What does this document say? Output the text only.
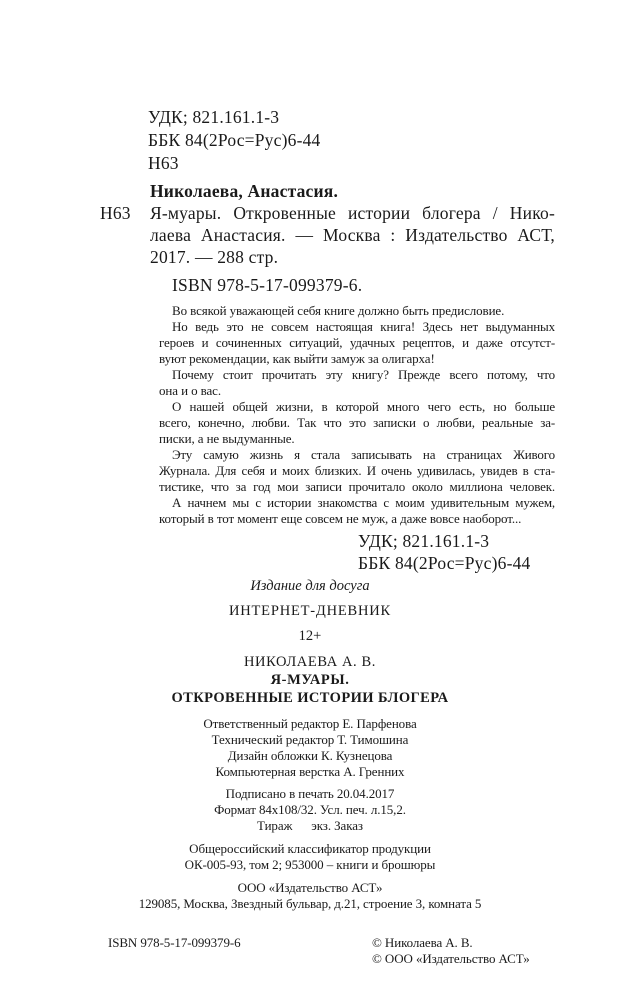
УДК; 821.161.1-3
ББК 84(2Рос=Рус)6-44
Н63
Николаева, Анастасия.
Н63 Я-муары. Откровенные истории блогера / Нико-
лаева Анастасия. — Москва : Издательство АСТ,
2017. — 288 стр.
ISBN 978-5-17-099379-6.
Во всякой уважающей себя книге должно быть предисловие.
Но ведь это не совсем настоящая книга! Здесь нет выдуманных
героев и сочиненных ситуаций, удачных рецептов, и даже отсутст-
вуют рекомендации, как выйти замуж за олигарха!
Почему стоит прочитать эту книгу? Прежде всего потому, что
она и о вас.
О нашей общей жизни, в которой много чего есть, но больше
всего, конечно, любви. Так что это записки о любви, реальные за-
писки, а не выдуманные.
Эту самую жизнь я стала записывать на страницах Живого
Журнала. Для себя и моих близких. И очень удивилась, увидев в ста-
тистике, что за год мои записи прочитало около миллиона человек.
А начнем мы с истории знакомства с моим удивительным мужем,
который в тот момент еще совсем не муж, а даже вовсе наоборот...
УДК; 821.161.1-3
ББК 84(2Рос=Рус)6-44
Издание для досуга
ИНТЕРНЕТ-ДНЕВНИК
12+
НИКОЛАЕВА А. В.
Я-МУАРЫ.
ОТКРОВЕННЫЕ ИСТОРИИ БЛОГЕРА
Ответственный редактор Е. Парфенова
Технический редактор Т. Тимошина
Дизайн обложки К. Кузнецова
Компьютерная верстка А. Гренних
Подписано в печать 20.04.2017
Формат 84х108/32. Усл. печ. л.15,2.
Тираж      экз. Заказ
Общероссийский классификатор продукции
ОК-005-93, том 2; 953000 – книги и брошюры
ООО «Издательство АСТ»
129085, Москва, Звездный бульвар, д.21, строение 3, комната 5
ISBN 978-5-17-099379-6	© Николаева А. В.
© ООО «Издательство АСТ»
